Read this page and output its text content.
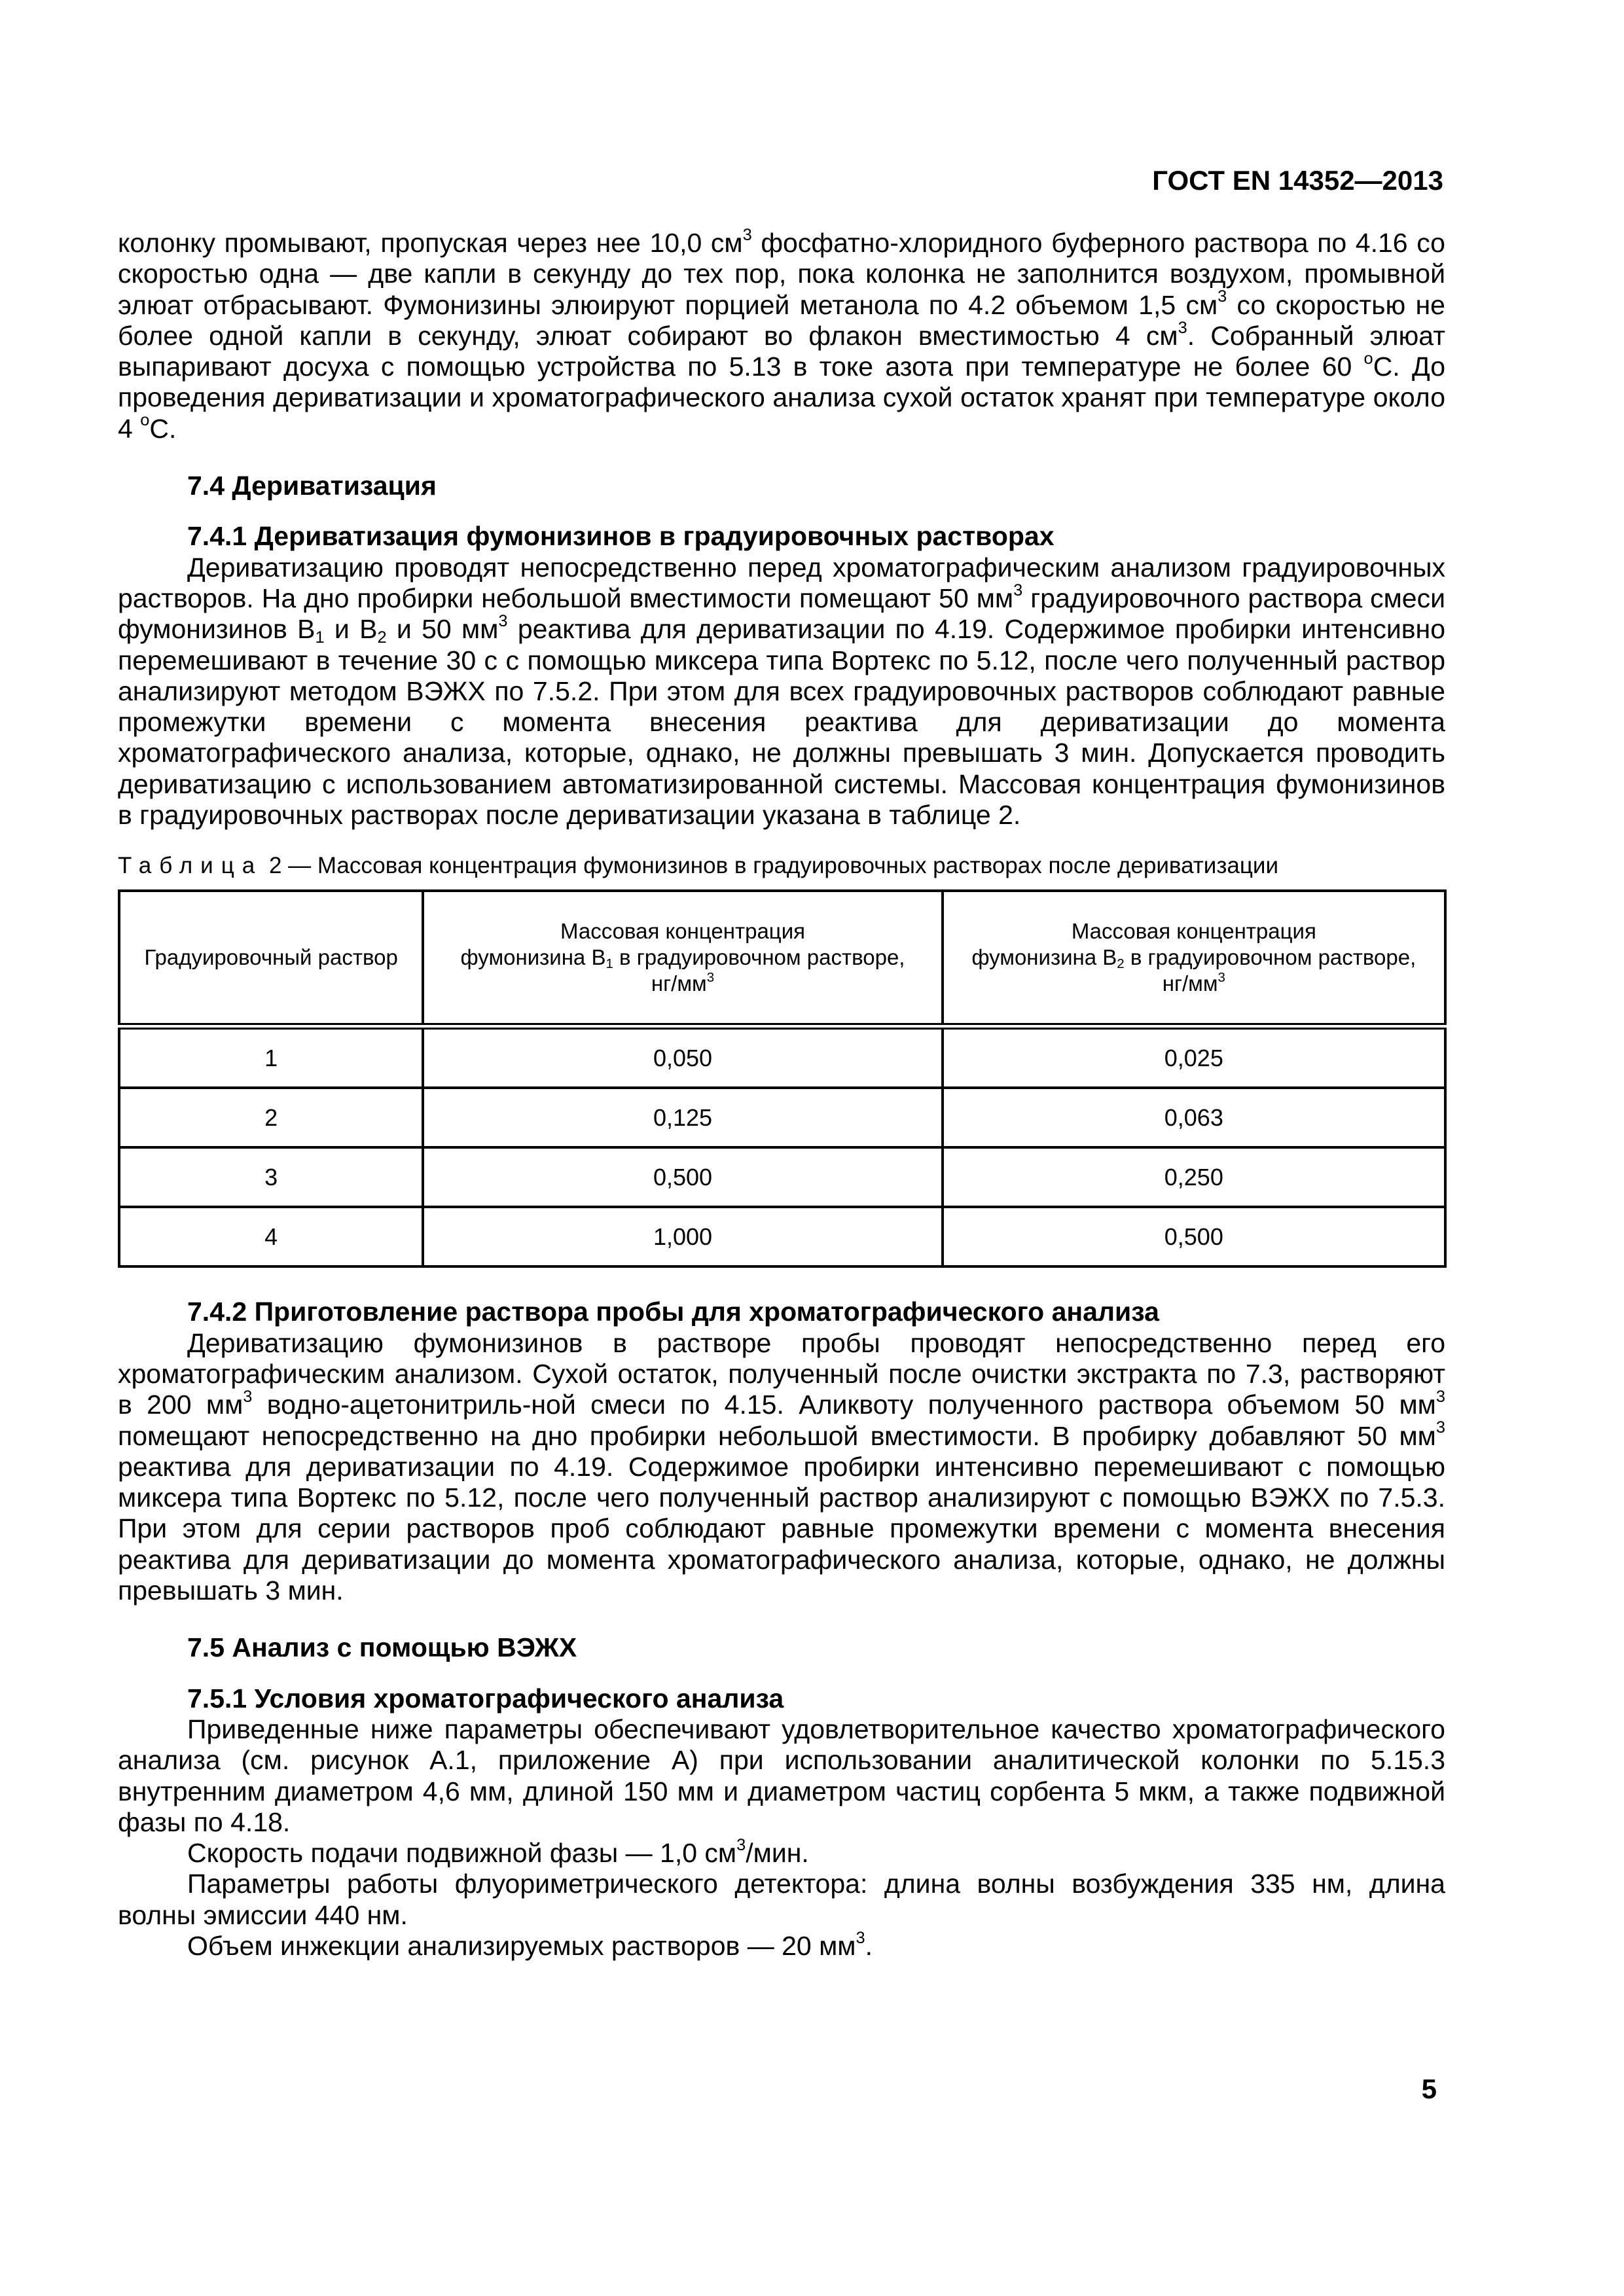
ГОСТ EN 14352—2013

колонку промывают, пропуская через нее 10,0 $см^3$ фосфатно-хлоридного буферного раствора по 4.16 со скоростью одна — две капли в секунду до тех пор, пока колонка не заполнится воздухом, промывной элюат отбрасывают. Фумонизины элюируют порцией метанола по 4.2 объемом 1,5 $см^3$ со скоростью не более одной капли в секунду, элюат собирают во флакон вместимостью 4 $см^3$. Собранный элюат выпаривают досуха с помощью устройства по 5.13 в токе азота при температуре не более 60 $^o$С. До проведения дериватизации и хроматографического анализа сухой остаток хранят при температуре около 4 $^o$С.

7.4 Дериватизация

7.4.1 Дериватизация фумонизинов в градуировочных растворах

Дериватизацию проводят непосредственно перед хроматографическим анализом градуировочных растворов. На дно пробирки небольшой вместимости помещают 50 $мм^3$ градуировочного раствора смеси фумонизинов $В_1$ и $В_2$ и 50 $мм^3$ реактива для дериватизации по 4.19. Содержимое пробирки интенсивно перемешивают в течение 30 с с помощью миксера типа Вортекс по 5.12, после чего полученный раствор анализируют методом ВЭЖХ по 7.5.2. При этом для всех градуировочных растворов соблюдают равные промежутки времени с момента внесения реактива для дериватизации до момента хроматографического анализа, которые, однако, не должны превышать 3 мин. Допускается проводить дериватизацию с использованием автоматизированной системы. Массовая концентрация фумонизинов в градуировочных растворах после дериватизации указана в таблице 2.

Таблица 2 — Массовая концентрация фумонизинов в градуировочных растворах после дериватизации

Градуировочный раствор	Массовая концентрация
фумонизина $В_1$ в градуировочном растворе,
$нг/мм^3$	Массовая концентрация
фумонизина $В_2$ в градуировочном растворе,
$нг/мм^3$
1	0,050	0,025
2	0,125	0,063
3	0,500	0,250
4	1,000	0,500

7.4.2 Приготовление раствора пробы для хроматографического анализа

Дериватизацию фумонизинов в растворе пробы проводят непосредственно перед его хроматографическим анализом. Сухой остаток, полученный после очистки экстракта по 7.3, растворяют в 200 $мм^3$ водно-ацетонитриль-ной смеси по 4.15. Аликвоту полученного раствора объемом 50 $мм^3$ помещают непосредственно на дно пробирки небольшой вместимости. В пробирку добавляют 50 $мм^3$ реактива для дериватизации по 4.19. Содержимое пробирки интенсивно перемешивают с помощью миксера типа Вортекс по 5.12, после чего полученный раствор анализируют с помощью ВЭЖХ по 7.5.3. При этом для серии растворов проб соблюдают равные промежутки времени с момента внесения реактива для дериватизации до момента хроматографического анализа, которые, однако, не должны превышать 3 мин.

7.5 Анализ с помощью ВЭЖХ

7.5.1 Условия хроматографического анализа

Приведенные ниже параметры обеспечивают удовлетворительное качество хроматографического анализа (см. рисунок А.1, приложение А) при использовании аналитической колонки по 5.15.3 внутренним диаметром 4,6 мм, длиной 150 мм и диаметром частиц сорбента 5 мкм, а также подвижной фазы по 4.18.

Скорость подачи подвижной фазы — 1,0 $см^3$/мин.

Параметры работы флуориметрического детектора: длина волны возбуждения 335 нм, длина волны эмиссии 440 нм.

Объем инжекции анализируемых растворов — 20 $мм^3$.

5
